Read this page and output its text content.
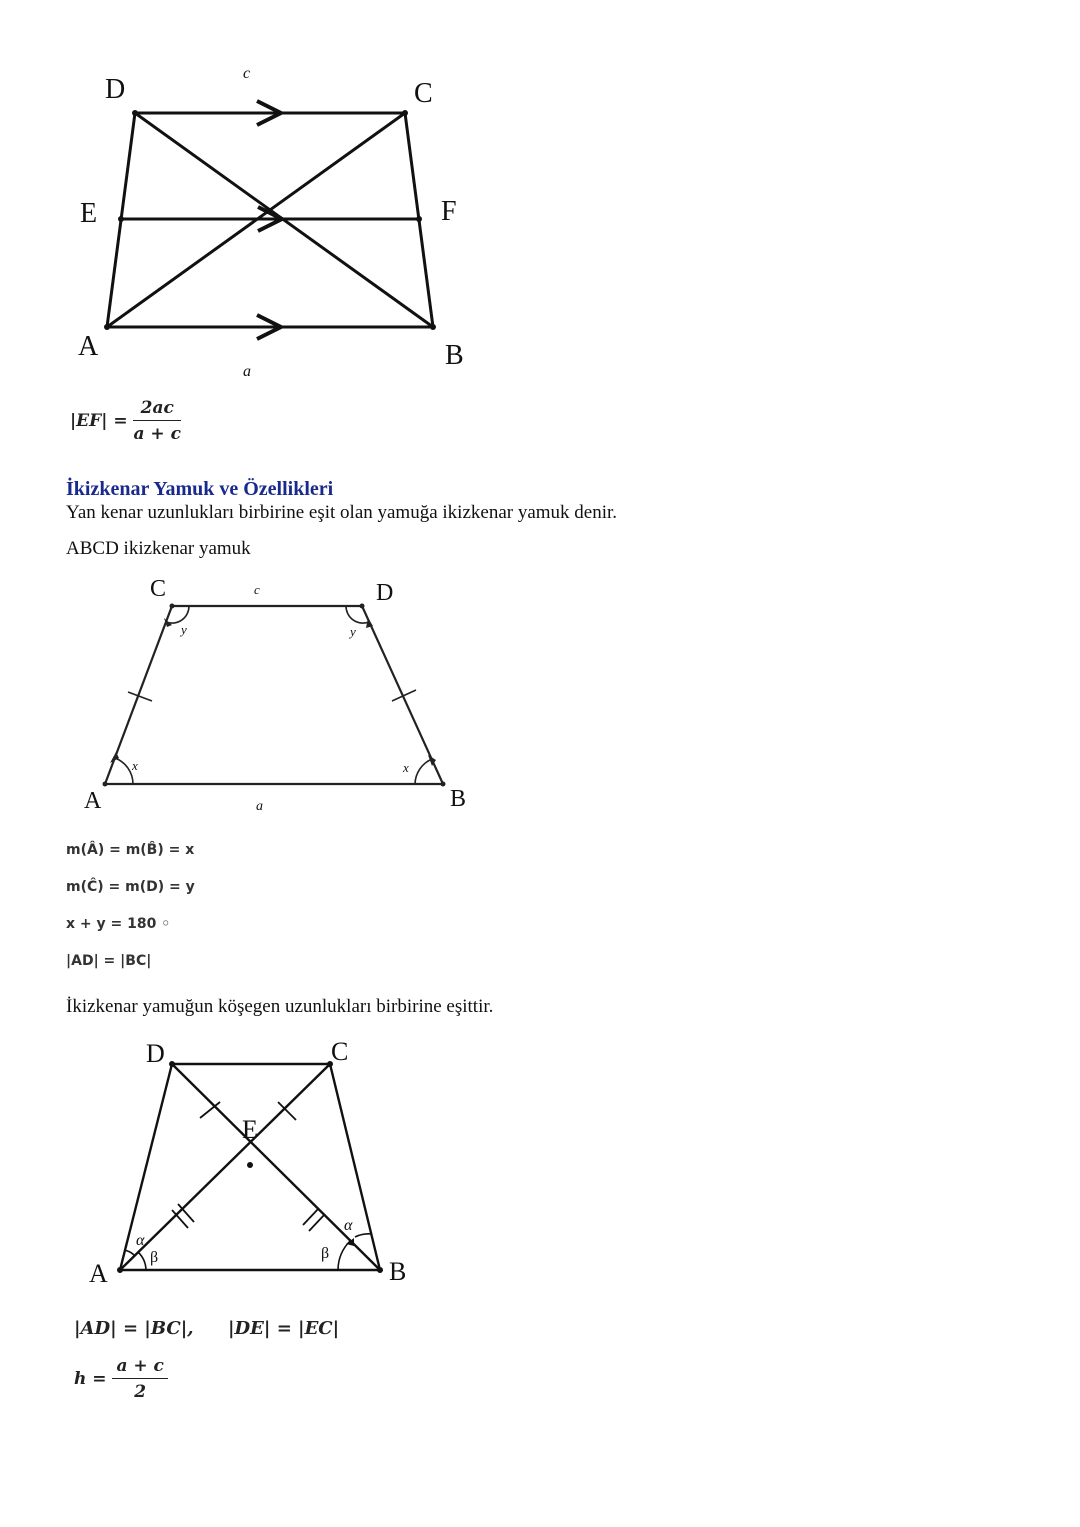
D	C
E	F
A	B
c
a
$|EF| = \frac{2ac}{a + c}$
İkizkenar Yamuk ve Özellikleri
Yan kenar uzunlukları birbirine eşit olan yamuğa ikizkenar yamuk denir.
ABCD ikizkenar yamuk
C	D
A	B
c
a
y	y
x	x
m(Â) = m(B̂) = x
m(Ĉ) = m(D) = y
x + y = 180 ◦
|AD| = |BC|
İkizkenar yamuğun köşegen uzunlukları birbirine eşittir.
D	C
E
A	B
α
β	β
α
|AD| = |BC|, |DE| = |EC|
$h = \frac{a + c}{2}$
